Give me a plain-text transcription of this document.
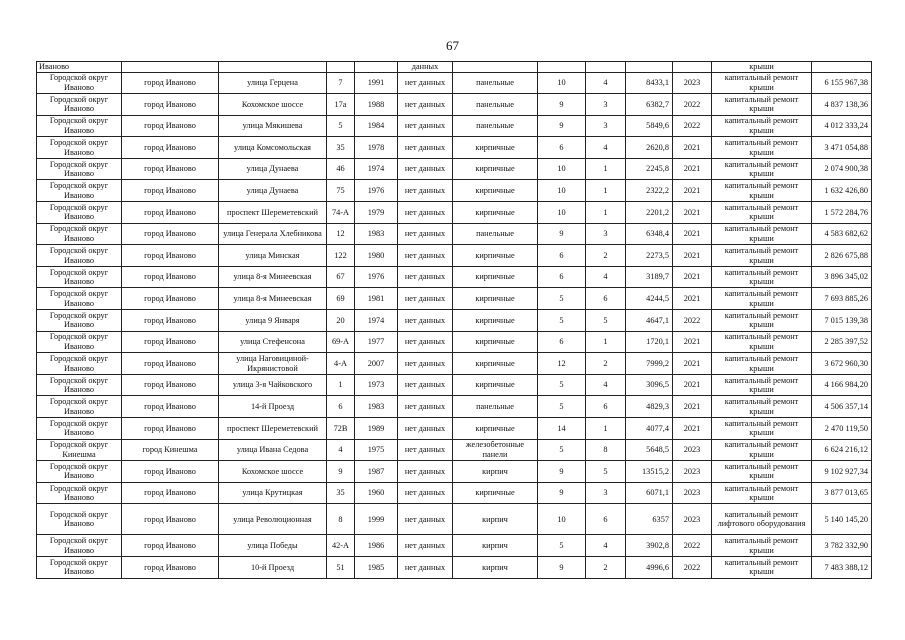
67
Иваново					данных						крыши	
Городской округ Иваново	город Иваново	улица Герцена	7	1991	нет данных	панельные	10	4	8433,1	2023	капитальный ремонт крыши	6 155 967,38
Городской округ Иваново	город Иваново	Кохомское шоссе	17а	1988	нет данных	панельные	9	3	6382,7	2022	капитальный ремонт крыши	4 837 138,36
Городской округ Иваново	город Иваново	улица Мякишева	5	1984	нет данных	панельные	9	3	5849,6	2022	капитальный ремонт крыши	4 012 333,24
Городской округ Иваново	город Иваново	улица Комсомольская	35	1978	нет данных	кирпичные	6	4	2620,8	2021	капитальный ремонт крыши	3 471 054,88
Городской округ Иваново	город Иваново	улица Дунаева	46	1974	нет данных	кирпичные	10	1	2245,8	2021	капитальный ремонт крыши	2 074 900,38
Городской округ Иваново	город Иваново	улица Дунаева	75	1976	нет данных	кирпичные	10	1	2322,2	2021	капитальный ремонт крыши	1 632 426,80
Городской округ Иваново	город Иваново	проспект Шереметевский	74-А	1979	нет данных	кирпичные	10	1	2201,2	2021	капитальный ремонт крыши	1 572 284,76
Городской округ Иваново	город Иваново	улица Генерала Хлебникова	12	1983	нет данных	панельные	9	3	6348,4	2021	капитальный ремонт крыши	4 583 682,62
Городской округ Иваново	город Иваново	улица Минская	122	1980	нет данных	кирпичные	6	2	2273,5	2021	капитальный ремонт крыши	2 826 675,88
Городской округ Иваново	город Иваново	улица 8-я Минеевская	67	1976	нет данных	кирпичные	6	4	3189,7	2021	капитальный ремонт крыши	3 896 345,02
Городской округ Иваново	город Иваново	улица 8-я Минеевская	69	1981	нет данных	кирпичные	5	6	4244,5	2021	капитальный ремонт крыши	7 693 885,26
Городской округ Иваново	город Иваново	улица 9 Января	20	1974	нет данных	кирпичные	5	5	4647,1	2022	капитальный ремонт крыши	7 015 139,38
Городской округ Иваново	город Иваново	улица Стефенсона	69-А	1977	нет данных	кирпичные	6	1	1720,1	2021	капитальный ремонт крыши	2 285 397,52
Городской округ Иваново	город Иваново	улица Наговициной-Икрянистовой	4-А	2007	нет данных	кирпичные	12	2	7999,2	2021	капитальный ремонт крыши	3 672 960,30
Городской округ Иваново	город Иваново	улица 3-я Чайковского	1	1973	нет данных	кирпичные	5	4	3096,5	2021	капитальный ремонт крыши	4 166 984,20
Городской округ Иваново	город Иваново	14-й Проезд	6	1983	нет данных	панельные	5	6	4829,3	2021	капитальный ремонт крыши	4 506 357,14
Городской округ Иваново	город Иваново	проспект Шереметевский	72В	1989	нет данных	кирпичные	14	1	4077,4	2021	капитальный ремонт крыши	2 470 119,50
Городской округ Кинешма	город Кинешма	улица Ивана Седова	4	1975	нет данных	железобетонные панели	5	8	5648,5	2023	капитальный ремонт крыши	6 624 216,12
Городской округ Иваново	город Иваново	Кохомское шоссе	9	1987	нет данных	кирпич	9	5	13515,2	2023	капитальный ремонт крыши	9 102 927,34
Городской округ Иваново	город Иваново	улица Крутицкая	35	1960	нет данных	кирпичные	9	3	6071,1	2023	капитальный ремонт крыши	3 877 013,65
Городской округ Иваново	город Иваново	улица Революционная	8	1999	нет данных	кирпич	10	6	6357	2023	капитальный ремонт лифтового оборудования	5 140 145,20
Городской округ Иваново	город Иваново	улица Победы	42-А	1986	нет данных	кирпич	5	4	3902,8	2022	капитальный ремонт крыши	3 782 332,90
Городской округ Иваново	город Иваново	10-й Проезд	51	1985	нет данных	кирпич	9	2	4996,6	2022	капитальный ремонт крыши	7 483 388,12
